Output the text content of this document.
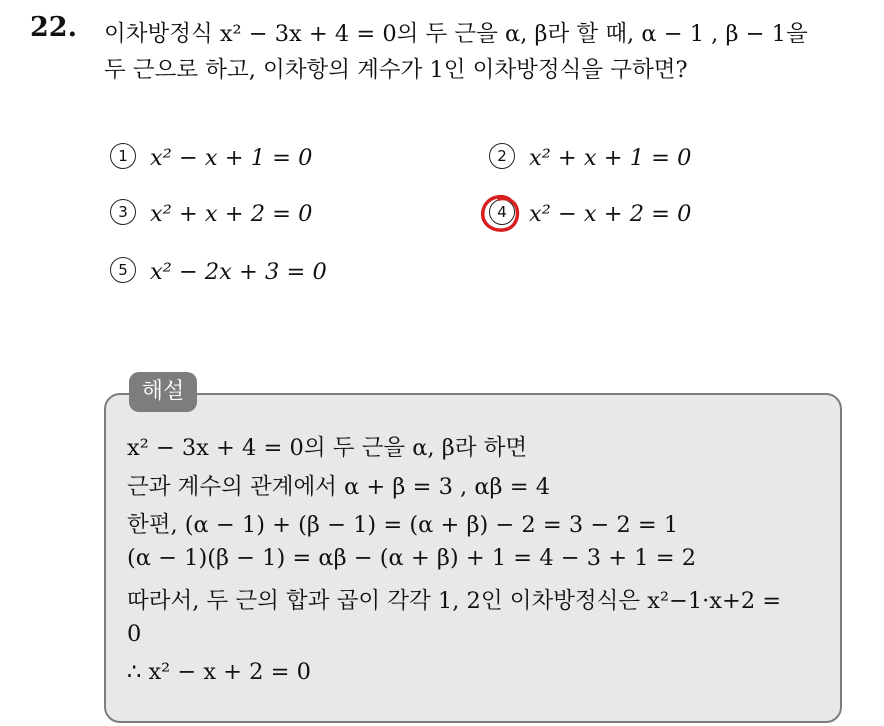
22. 이차방정식 x² − 3x + 4 = 0의 두 근을 α, β라 할 때, α − 1 , β − 1을
두 근으로 하고, 이차항의 계수가 1인 이차방정식을 구하면?
1 x² − x + 1 = 0	2 x² + x + 1 = 0
3 x² + x + 2 = 0	4 x² − x + 2 = 0
5 x² − 2x + 3 = 0
해설
x² − 3x + 4 = 0의 두 근을 α, β라 하면
근과 계수의 관계에서 α + β = 3 , αβ = 4
한편, (α − 1) + (β − 1) = (α + β) − 2 = 3 − 2 = 1
(α − 1)(β − 1) = αβ − (α + β) + 1 = 4 − 3 + 1 = 2
따라서, 두 근의 합과 곱이 각각 1, 2인 이차방정식은 x²−1·x+2 =
0
∴ x² − x + 2 = 0
